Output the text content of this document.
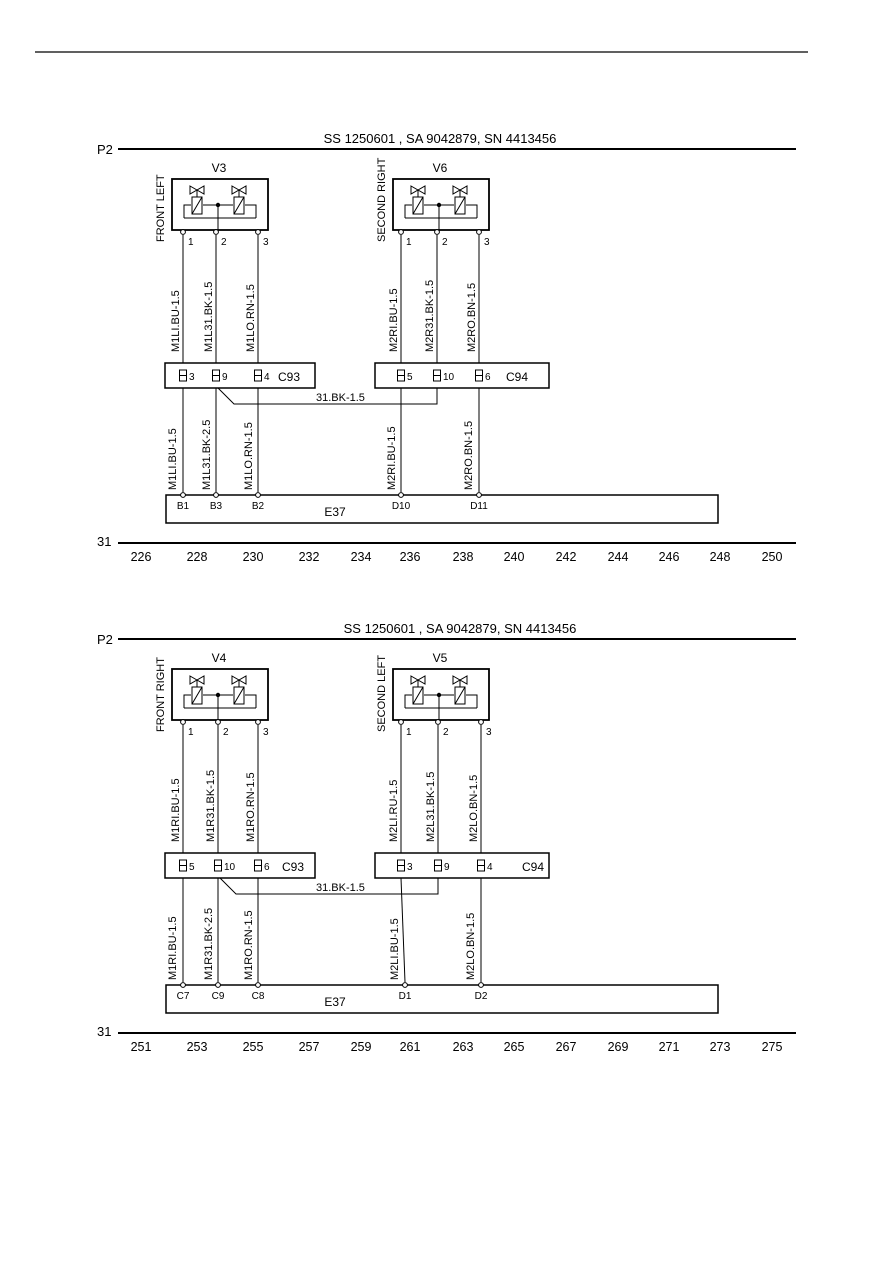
SS 1250601 , SA 9042879, SN 4413456
P2
31
FRONT LEFT
V3
1	2	3
SECOND RIGHT	V6
1	2	3
M1LI.BU-1.5	M2RI.BU-1.5
M1L31.BK-1.5	M2R31.BK-1.5
M1LO.RN-1.5	M2RO.BN-1.5
3	9	4 C93	5	10	6 C94
31.BK-1.5
M1LI.BU-1.5 M1L31.BK-2.5	M1LO.RN-1.5	M2RI.BU-1.5	M2RO.BN-1.5
E37
B1 B3	B2	D10	D11
226	228	230	232 234 236	238 240 242 244 246 248 250
SS 1250601 , SA 9042879, SN 4413456
P2
31
FRONT RIGHT	V4
1	2	3
SECOND LEFT	V5
1	2	3
M1RI.BU-1.5	M2LI.RU-1.5
M1R31.BK-1.5	M2L31.BK-1.5
M1RO.RN-1.5	M2LO.BN-1.5
5	10	6 C93	3	9	4 C94
31.BK-1.5
M1RI.BU-1.5 M1R31.BK-2.5	M1RO.RN-1.5	M2LI.BU-1.5	M2LO.BN-1.5
E37
C7 C9	C8	D1	D2
251	253	255	257 259 261	263 265 267 269 271 273 275
